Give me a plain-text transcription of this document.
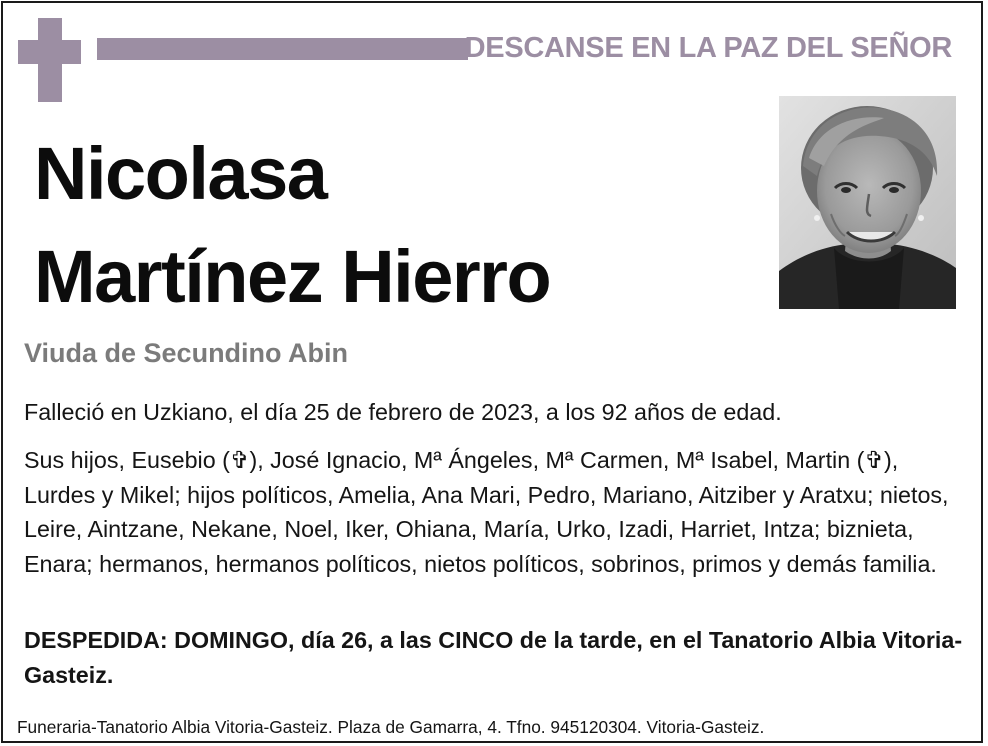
DESCANSE EN LA PAZ DEL SEÑOR
Nicolasa
Martínez Hierro
Viuda de Secundino Abin
Falleció en Uzkiano, el día 25 de febrero de 2023, a los 92 años de edad.
Sus hijos, Eusebio (✞), José Ignacio, Mª Ángeles, Mª Carmen, Mª Isabel, Martin (✞), Lurdes y Mikel; hijos políticos, Amelia, Ana Mari, Pedro, Mariano, Aitziber y Aratxu; nietos, Leire, Aintzane, Nekane, Noel, Iker, Ohiana, María, Urko, Izadi, Harriet, Intza; biznieta, Enara; hermanos, hermanos políticos, nietos políticos, sobrinos, primos y demás familia.
DESPEDIDA: DOMINGO, día 26, a las CINCO de la tarde, en el Tanatorio Albia Vitoria-Gasteiz.
Funeraria-Tanatorio Albia Vitoria-Gasteiz. Plaza de Gamarra, 4. Tfno. 945120304. Vitoria-Gasteiz.
